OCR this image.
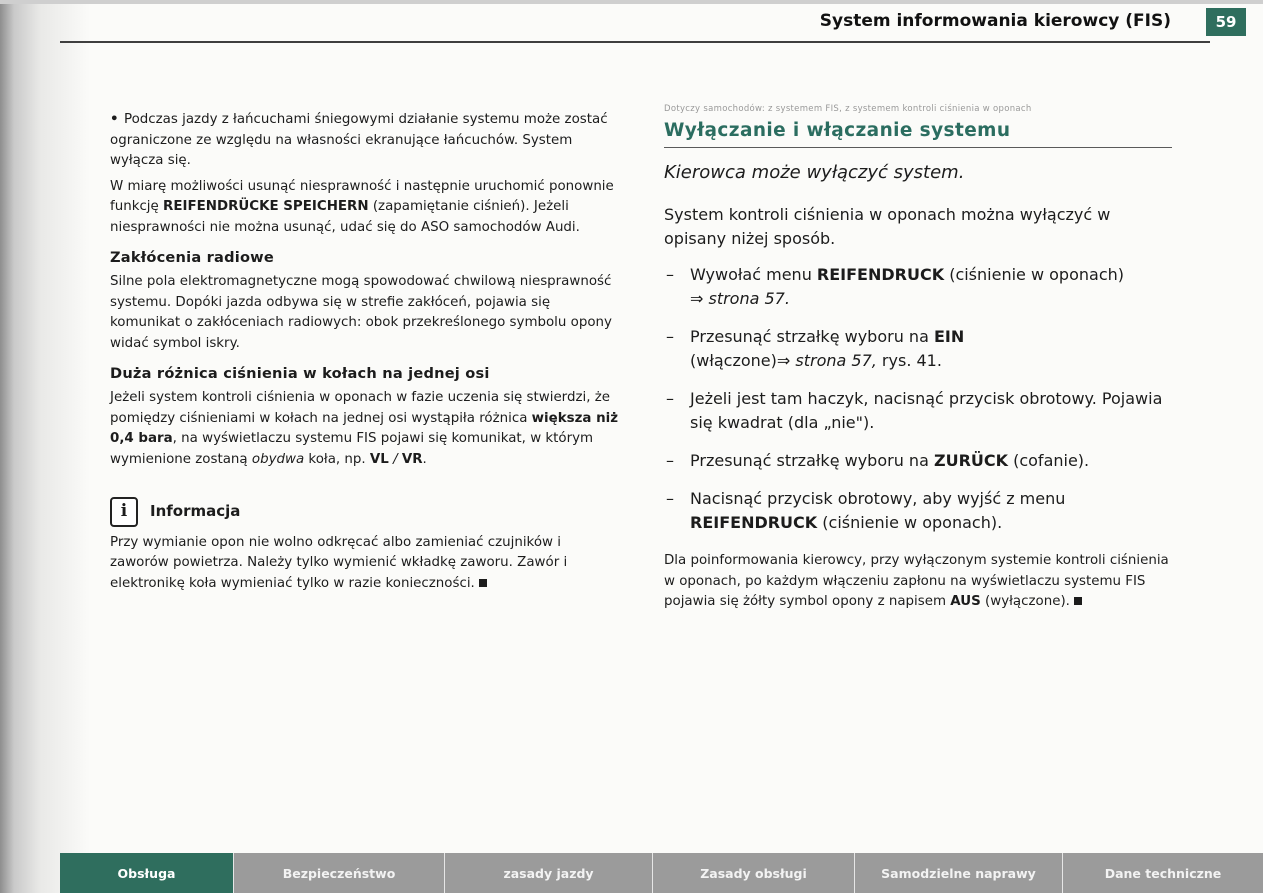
System informowania kierowcy (FIS)	59

• Podczas jazdy z łańcuchami śniegowymi działanie systemu może zostać ograniczone ze względu na własności ekranujące łańcuchów. System wyłącza się.

W miarę możliwości usunąć niesprawność i następnie uruchomić ponownie funkcję REIFENDRÜCKE SPEICHERN (zapamiętanie ciśnień). Jeżeli niesprawności nie można usunąć, udać się do ASO samochodów Audi.

Zakłócenia radiowe

Silne pola elektromagnetyczne mogą spowodować chwilową niesprawność systemu. Dopóki jazda odbywa się w strefie zakłóceń, pojawia się komunikat o zakłóceniach radiowych: obok przekreślonego symbolu opony widać symbol iskry.

Duża różnica ciśnienia w kołach na jednej osi

Jeżeli system kontroli ciśnienia w oponach w fazie uczenia się stwierdzi, że pomiędzy ciśnieniami w kołach na jednej osi wystąpiła różnica większa niż 0,4 bara, na wyświetlaczu systemu FIS pojawi się komunikat, w którym wymienione zostaną obydwa koła, np. VL / VR.

i	Informacja

Przy wymianie opon nie wolno odkręcać albo zamieniać czujników i zaworów powietrza. Należy tylko wymienić wkładkę zaworu. Zawór i elektronikę koła wymieniać tylko w razie konieczności.

Dotyczy samochodów: z systemem FIS, z systemem kontroli ciśnienia w oponach
Wyłączanie i włączanie systemu

Kierowca może wyłączyć system.

System kontroli ciśnienia w oponach można wyłączyć w opisany niżej sposób.

– Wywołać menu REIFENDRUCK (ciśnienie w oponach)
⇒ strona 57.
– Przesunąć strzałkę wyboru na EIN
(włączone)⇒ strona 57, rys. 41.
– Jeżeli jest tam haczyk, nacisnąć przycisk obrotowy. Pojawia się kwadrat (dla „nie").
– Przesunąć strzałkę wyboru na ZURÜCK (cofanie).
– Nacisnąć przycisk obrotowy, aby wyjść z menu
REIFENDRUCK (ciśnienie w oponach).

Dla poinformowania kierowcy, przy wyłączonym systemie kontroli ciśnienia w oponach, po każdym włączeniu zapłonu na wyświetlaczu systemu FIS pojawia się żółty symbol opony z napisem AUS (wyłączone).

Obsługa	Bezpieczeństwo	zasady jazdy	Zasady obsługi	Samodzielne naprawy	Dane techniczne
